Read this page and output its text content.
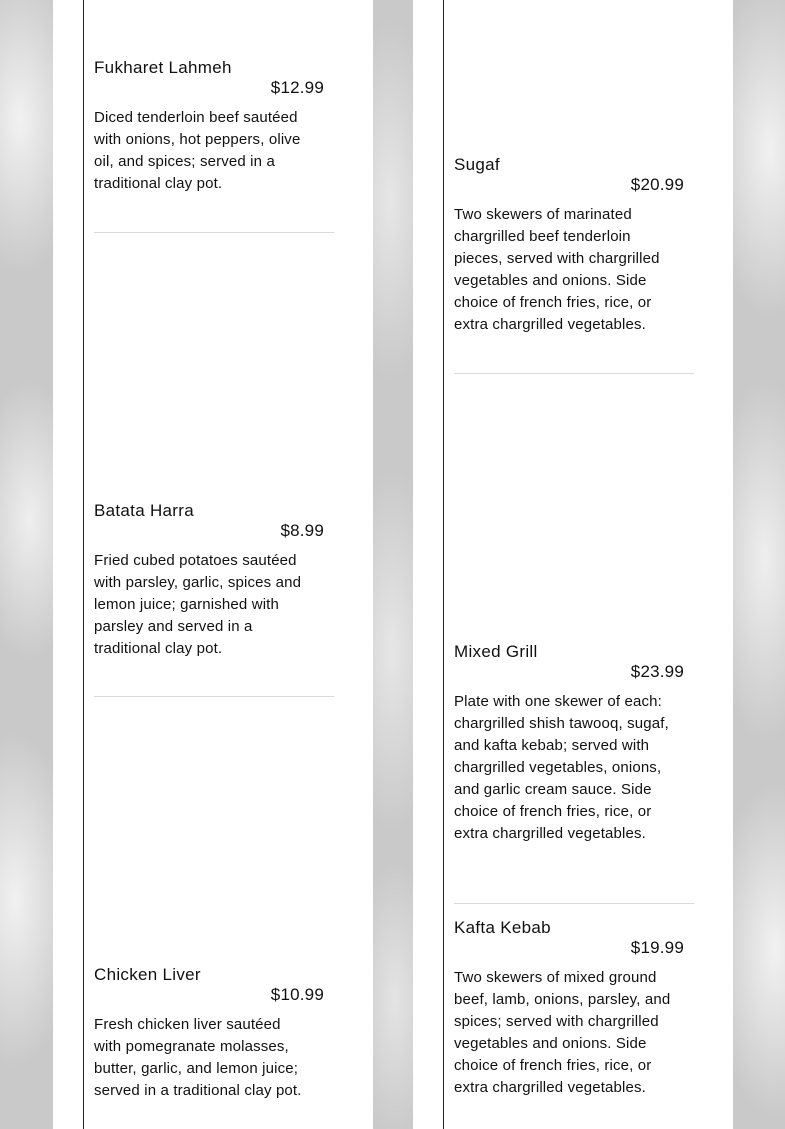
Fukharet Lahmeh
$12.99
Diced tenderloin beef sautéed with onions, hot peppers, olive oil, and spices; served in a traditional clay pot.
Batata Harra
$8.99
Fried cubed potatoes sautéed with parsley, garlic, spices and lemon juice; garnished with parsley and served in a traditional clay pot.
Chicken Liver
$10.99
Fresh chicken liver sautéed with pomegranate molasses, butter, garlic, and lemon juice; served in a traditional clay pot.
Sugaf
$20.99
Two skewers of marinated chargrilled beef tenderloin pieces, served with chargrilled vegetables and onions. Side choice of french fries, rice, or extra chargrilled vegetables.
Mixed Grill
$23.99
Plate with one skewer of each: chargrilled shish tawooq, sugaf, and kafta kebab; served with chargrilled vegetables, onions, and garlic cream sauce. Side choice of french fries, rice, or extra chargrilled vegetables.
Kafta Kebab
$19.99
Two skewers of mixed ground beef, lamb, onions, parsley, and spices; served with chargrilled vegetables and onions. Side choice of french fries, rice, or extra chargrilled vegetables.
